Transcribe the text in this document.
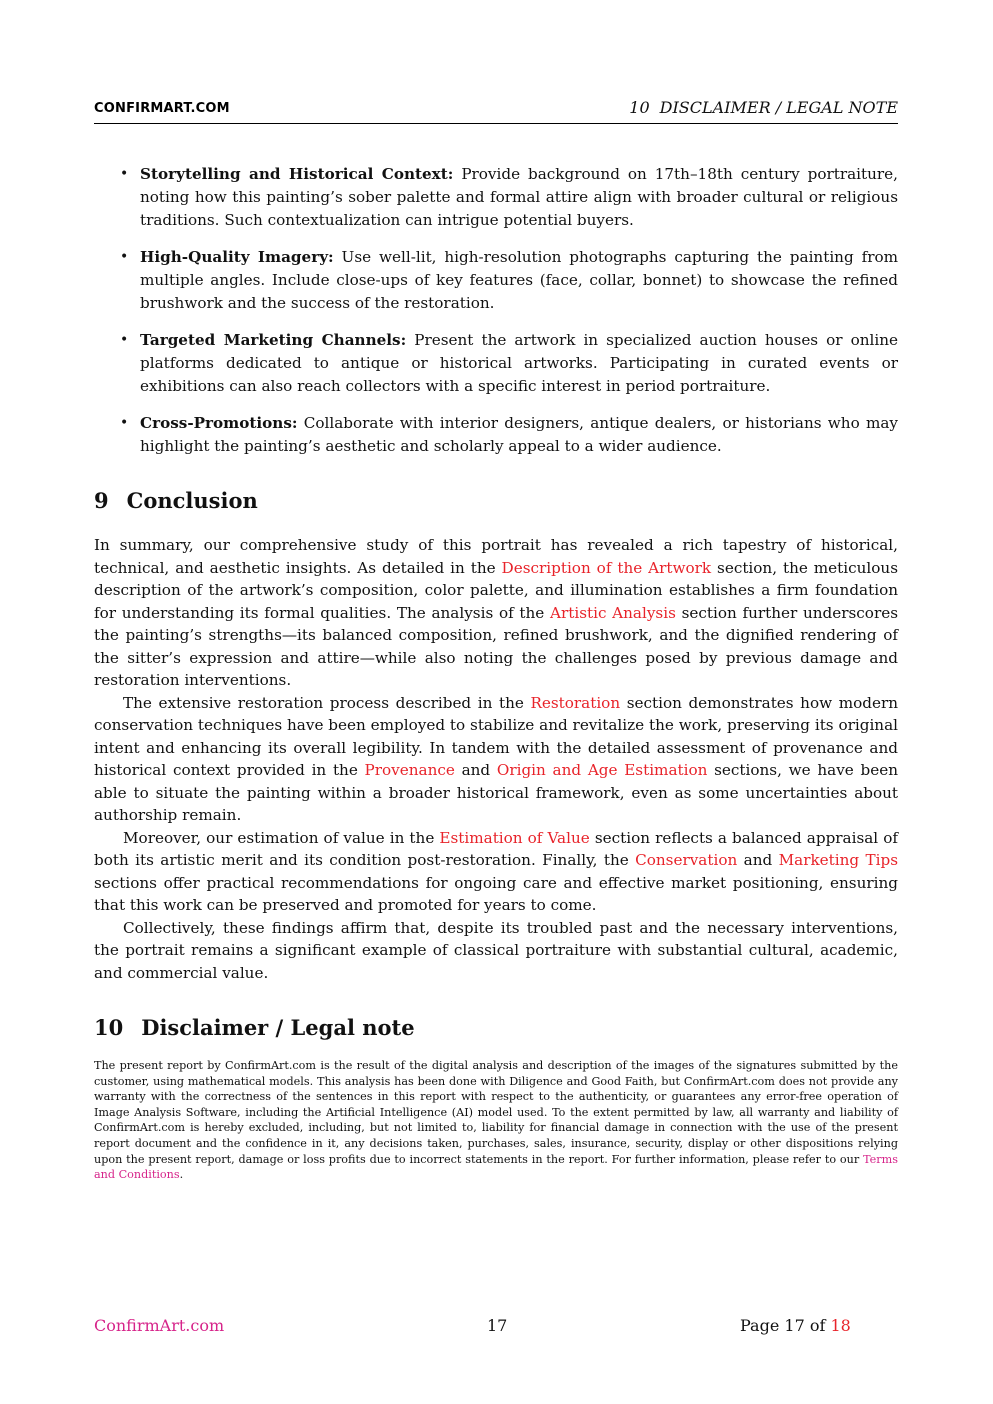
CONFIRMART.COM	10 DISCLAIMER / LEGAL NOTE
• Storytelling and Historical Context: Provide background on 17th–18th century portraiture, noting how this painting’s sober palette and formal attire align with broader cultural or religious traditions. Such contextualization can intrigue potential buyers.
• High-Quality Imagery: Use well-lit, high-resolution photographs capturing the painting from multiple angles. Include close-ups of key features (face, collar, bonnet) to showcase the refined brushwork and the success of the restoration.
• Targeted Marketing Channels: Present the artwork in specialized auction houses or online platforms dedicated to antique or historical artworks. Participating in curated events or exhibitions can also reach collectors with a specific interest in period portraiture.
• Cross-Promotions: Collaborate with interior designers, antique dealers, or historians who may highlight the painting’s aesthetic and scholarly appeal to a wider audience.
9 Conclusion

In summary, our comprehensive study of this portrait has revealed a rich tapestry of historical, technical, and aesthetic insights. As detailed in the Description of the Artwork section, the meticulous description of the artwork’s composition, color palette, and illumination establishes a firm foundation for understanding its formal qualities. The analysis of the Artistic Analysis section further underscores the painting’s strengths—its balanced composition, refined brushwork, and the dignified rendering of the sitter’s expression and attire—while also noting the challenges posed by previous damage and restoration interventions.

The extensive restoration process described in the Restoration section demonstrates how modern conservation techniques have been employed to stabilize and revitalize the work, preserving its original intent and enhancing its overall legibility. In tandem with the detailed assessment of provenance and historical context provided in the Provenance and Origin and Age Estimation sections, we have been able to situate the painting within a broader historical framework, even as some uncertainties about authorship remain.

Moreover, our estimation of value in the Estimation of Value section reflects a balanced appraisal of both its artistic merit and its condition post-restoration. Finally, the Conservation and Marketing Tips sections offer practical recommendations for ongoing care and effective market positioning, ensuring that this work can be preserved and promoted for years to come.

Collectively, these findings affirm that, despite its troubled past and the necessary interventions, the portrait remains a significant example of classical portraiture with substantial cultural, academic, and commercial value.

10 Disclaimer / Legal note

The present report by ConfirmArt.com is the result of the digital analysis and description of the images of the signatures submitted by the customer, using mathematical models. This analysis has been done with Diligence and Good Faith, but ConfirmArt.com does not provide any warranty with the correctness of the sentences in this report with respect to the authenticity, or guarantees any error-free operation of Image Analysis Software, including the Artificial Intelligence (AI) model used. To the extent permitted by law, all warranty and liability of ConfirmArt.com is hereby excluded, including, but not limited to, liability for financial damage in connection with the use of the present report document and the confidence in it, any decisions taken, purchases, sales, insurance, security, display or other dispositions relying upon the present report, damage or loss profits due to incorrect statements in the report. For further information, please refer to our Terms and Conditions.

ConfirmArt.com	17	Page 17 of 18
